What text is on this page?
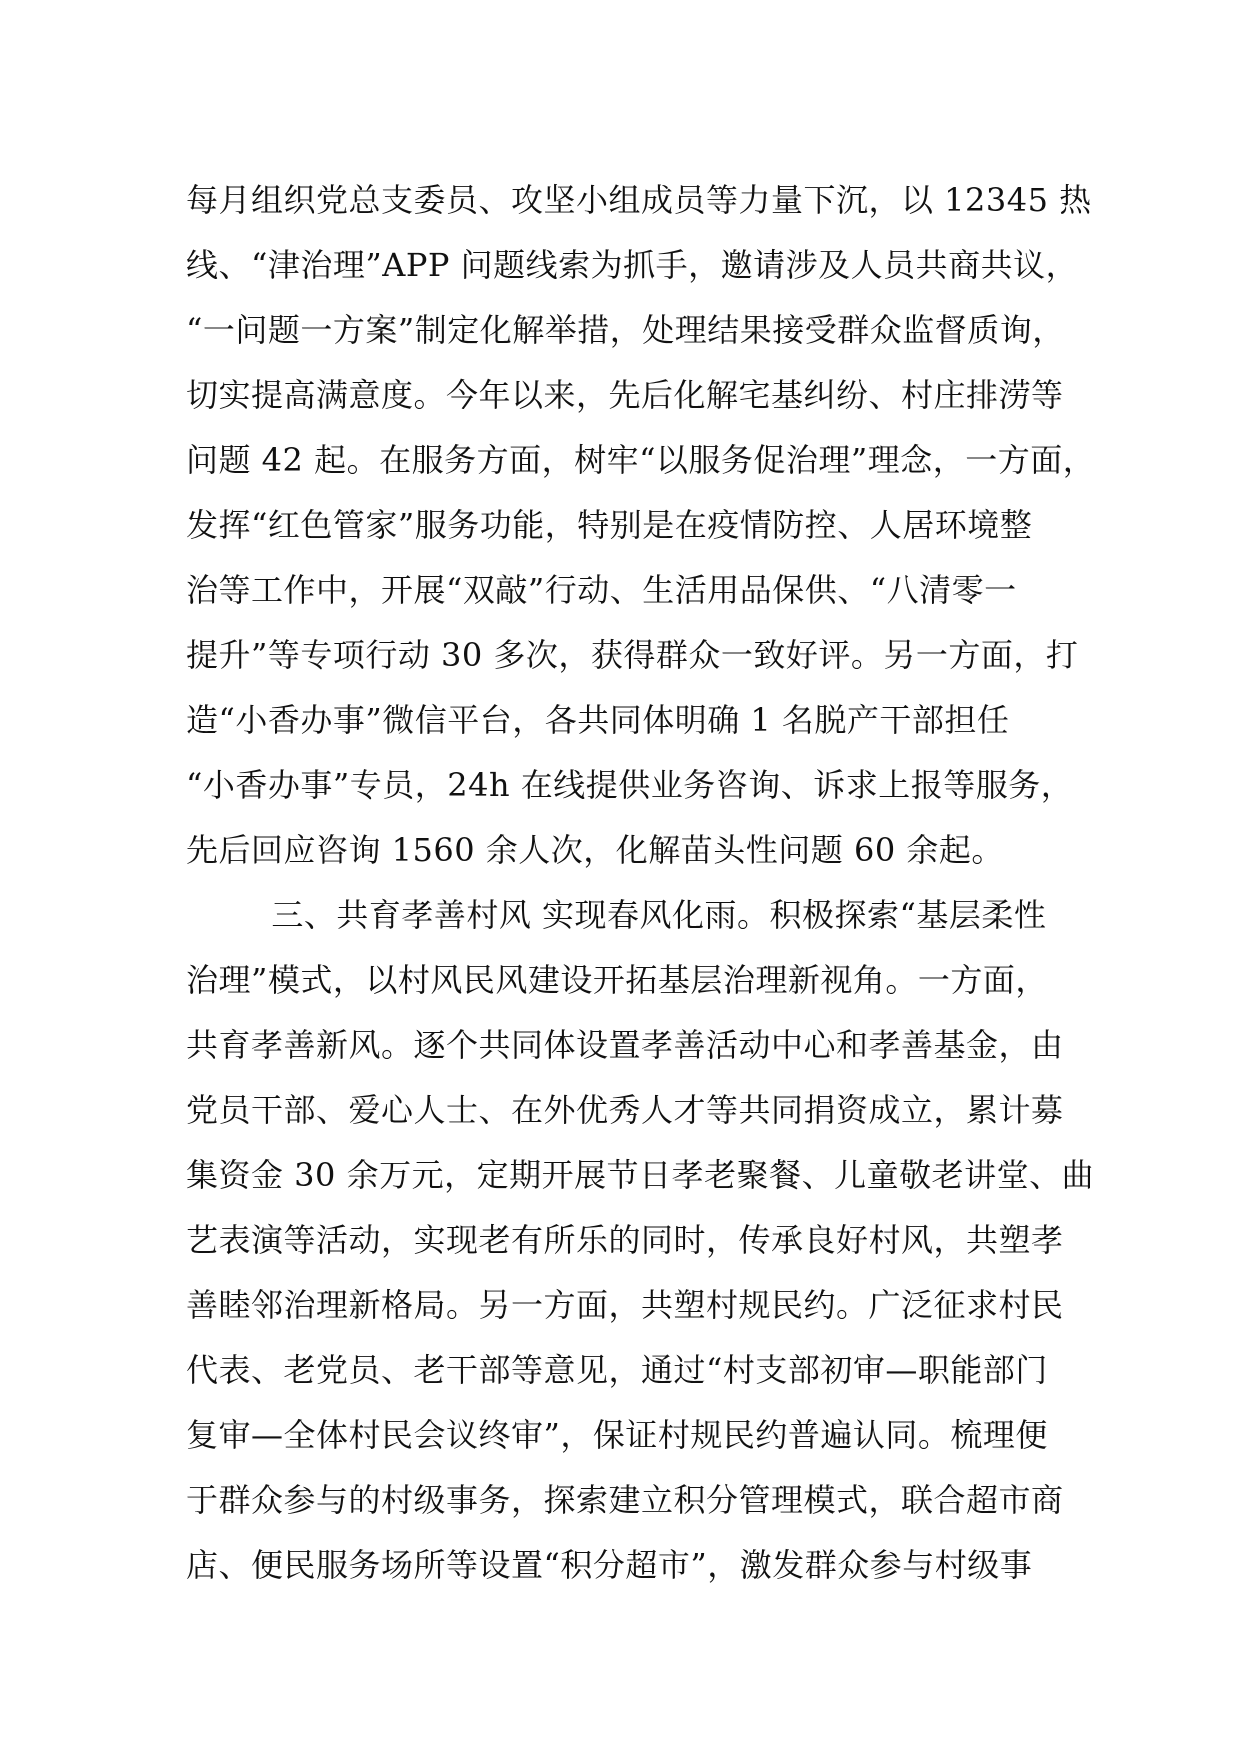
每月组织党总支委员、攻坚小组成员等力量下沉，以 12345 热
线、“津治理”APP 问题线索为抓手，邀请涉及人员共商共议，
“一问题一方案”制定化解举措，处理结果接受群众监督质询，
切实提高满意度。今年以来，先后化解宅基纠纷、村庄排涝等
问题 42 起。在服务方面，树牢“以服务促治理”理念，一方面，
发挥“红色管家”服务功能，特别是在疫情防控、人居环境整
治等工作中，开展“双敲”行动、生活用品保供、“八清零一
提升”等专项行动 30 多次，获得群众一致好评。另一方面，打
造“小香办事”微信平台，各共同体明确 1 名脱产干部担任
“小香办事”专员，24h 在线提供业务咨询、诉求上报等服务，
先后回应咨询 1560 余人次，化解苗头性问题 60 余起。
三、共育孝善村风 实现春风化雨。积极探索“基层柔性
治理”模式，以村风民风建设开拓基层治理新视角。一方面，
共育孝善新风。逐个共同体设置孝善活动中心和孝善基金，由
党员干部、爱心人士、在外优秀人才等共同捐资成立，累计募
集资金 30 余万元，定期开展节日孝老聚餐、儿童敬老讲堂、曲
艺表演等活动，实现老有所乐的同时，传承良好村风，共塑孝
善睦邻治理新格局。另一方面，共塑村规民约。广泛征求村民
代表、老党员、老干部等意见，通过“村支部初审—职能部门
复审—全体村民会议终审”，保证村规民约普遍认同。梳理便
于群众参与的村级事务，探索建立积分管理模式，联合超市商
店、便民服务场所等设置“积分超市”，激发群众参与村级事
